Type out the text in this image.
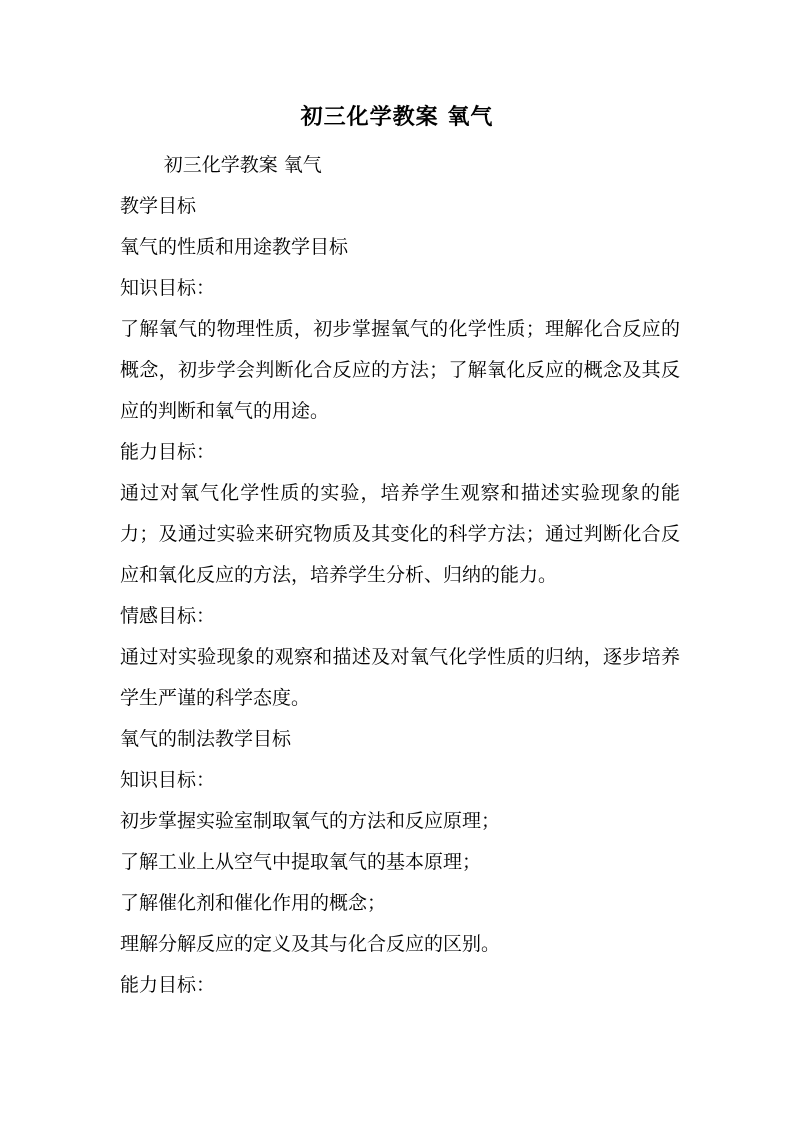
初三化学教案 氧气

初三化学教案 氧气

教学目标

氧气的性质和用途教学目标

知识目标：

了解氧气的物理性质，初步掌握氧气的化学性质；理解化合反应的概念，初步学会判断化合反应的方法；了解氧化反应的概念及其反应的判断和氧气的用途。

能力目标：

通过对氧气化学性质的实验，培养学生观察和描述实验现象的能力；及通过实验来研究物质及其变化的科学方法；通过判断化合反应和氧化反应的方法，培养学生分析、归纳的能力。

情感目标：

通过对实验现象的观察和描述及对氧气化学性质的归纳，逐步培养学生严谨的科学态度。

氧气的制法教学目标

知识目标：

初步掌握实验室制取氧气的方法和反应原理；

了解工业上从空气中提取氧气的基本原理；

了解催化剂和催化作用的概念；

理解分解反应的定义及其与化合反应的区别。

能力目标：
